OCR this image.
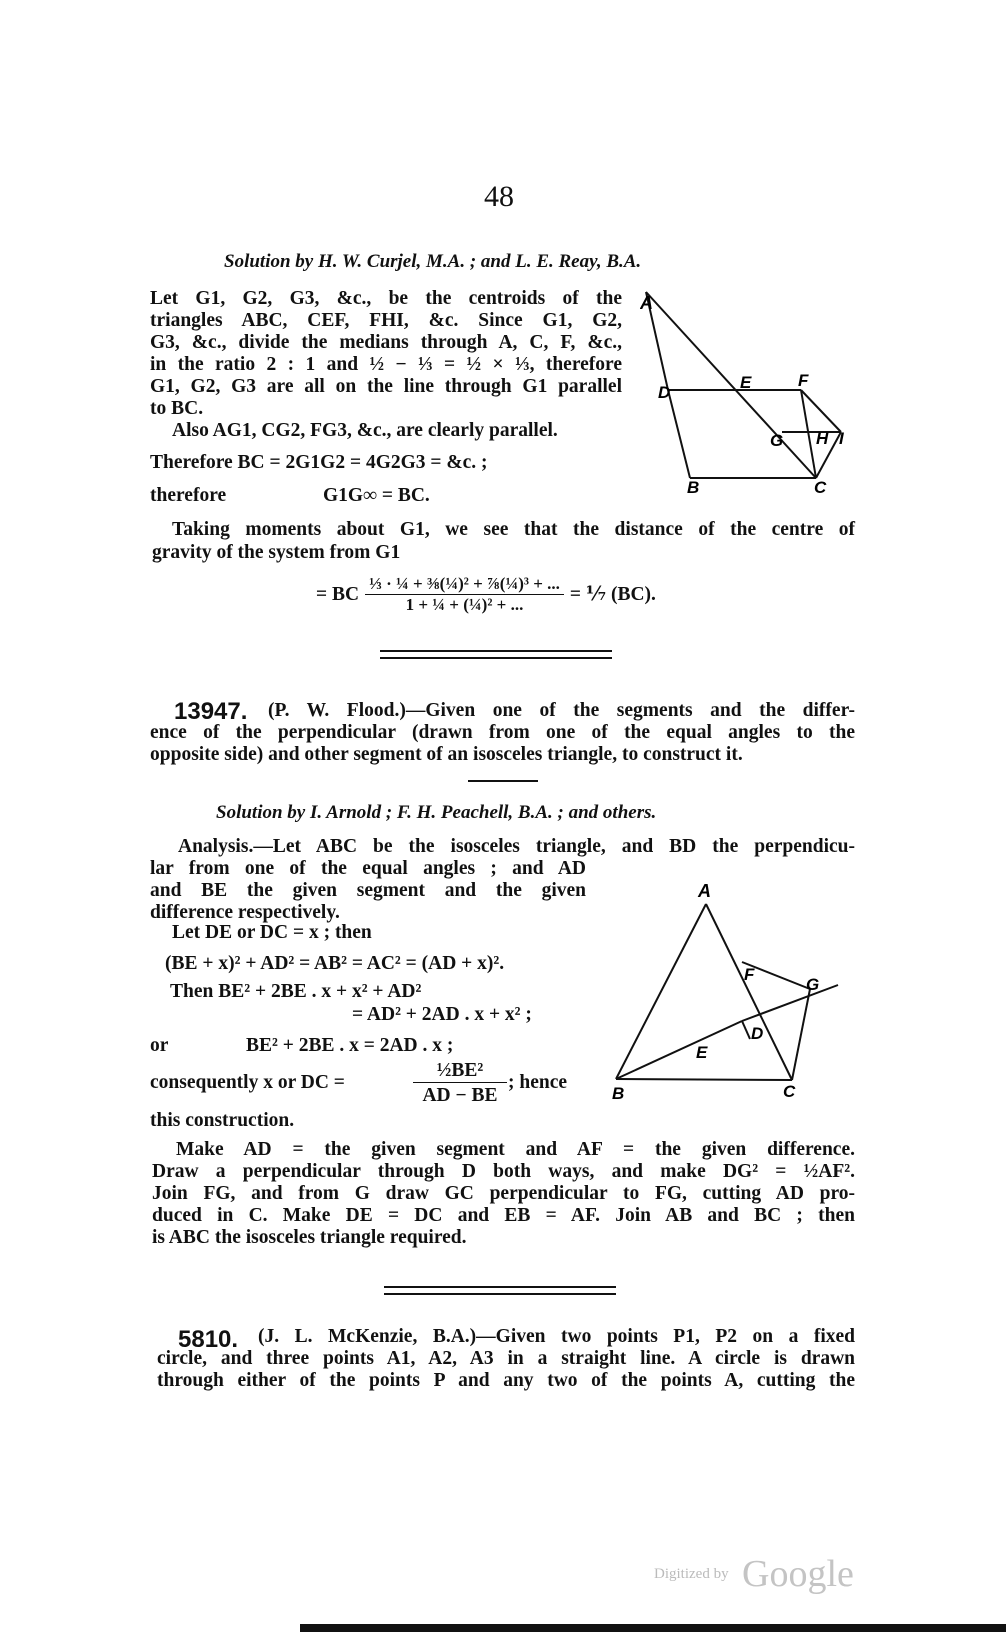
48
Solution by H. W. Curjel, M.A. ; and L. E. Reay, B.A.
Let G1, G2, G3, &c., be the centroids of the
triangles ABC, CEF, FHI, &c. Since G1, G2,
G3, &c., divide the medians through A, C, F, &c.,
in the ratio 2 : 1 and ½ − ⅓ = ½ × ⅓, therefore
G1, G2, G3 are all on the line through G1 parallel
to BC.
Also AG1, CG2, FG3, &c., are clearly parallel.
Therefore BC = 2G1G2 = 4G2G3 = &c. ;
therefore	G1G∞ = BC.
Taking moments about G1, we see that the distance of the centre of
gravity of the system from G1
= BC $\frac{\text{⅓ · ¼ + ⅜(¼)² + ⅞(¼)³ + ...}}{\text{1 + ¼ + (¼)² + ...}}$ = ⅐ (BC).
A
D
E	F
G H I
B	C
13947. (P. W. Flood.)—Given one of the segments and the differ-
ence of the perpendicular (drawn from one of the equal angles to the
opposite side) and other segment of an isosceles triangle, to construct it.
Solution by I. Arnold ; F. H. Peachell, B.A. ; and others.
Analysis.—Let ABC be the isosceles triangle, and BD the perpendicu-
lar from one of the equal angles ; and AD
and BE the given segment and the given
difference respectively.
Let DE or DC = x ; then
(BE + x)² + AD² = AB² = AC² = (AD + x)².
Then BE² + 2BE . x + x² + AD²
= AD² + 2AD . x + x² ;
or	BE² + 2BE . x = 2AD . x ;
consequently x or DC =
½BE²
AD − BE
; hence
this construction.
Make AD = the given segment and AF = the given difference.
Draw a perpendicular through D both ways, and make DG² = ½AF².
Join FG, and from G draw GC perpendicular to FG, cutting AD pro-
duced in C. Make DE = DC and EB = AF. Join AB and BC ; then
is ABC the isosceles triangle required.
A
F
G
D
E
B	C
5810. (J. L. McKenzie, B.A.)—Given two points P1, P2 on a fixed
circle, and three points A1, A2, A3 in a straight line. A circle is drawn
through either of the points P and any two of the points A, cutting the
Digitized by Google
